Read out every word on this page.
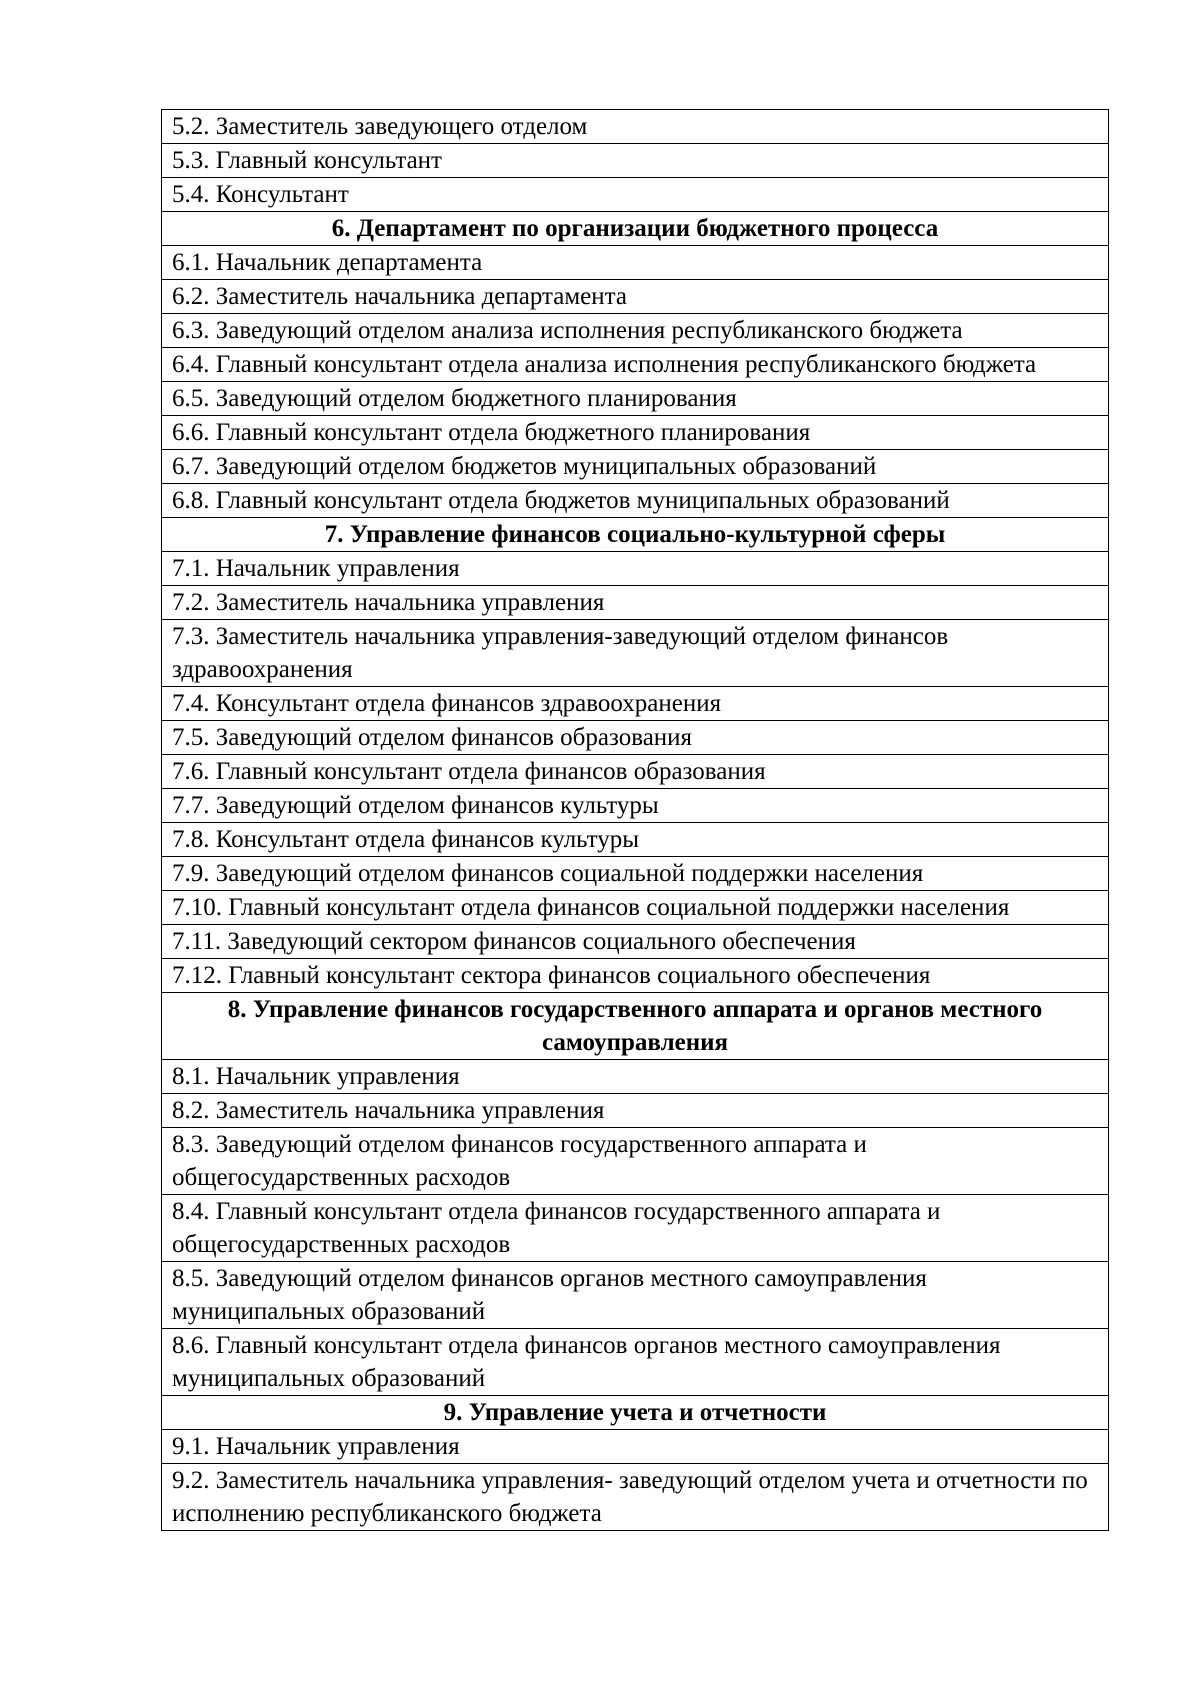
5.2. Заместитель заведующего отделом
5.3. Главный консультант
5.4. Консультант
6. Департамент по организации бюджетного процесса
6.1. Начальник департамента
6.2. Заместитель начальника департамента
6.3. Заведующий отделом анализа исполнения республиканского бюджета
6.4. Главный консультант отдела анализа исполнения республиканского бюджета
6.5. Заведующий отделом бюджетного планирования
6.6. Главный консультант отдела бюджетного планирования
6.7. Заведующий отделом бюджетов муниципальных образований
6.8. Главный консультант отдела бюджетов муниципальных образований
7. Управление финансов социально-культурной сферы
7.1. Начальник управления
7.2. Заместитель начальника управления
7.3. Заместитель начальника управления-заведующий отделом финансов здравоохранения
7.4. Консультант отдела финансов здравоохранения
7.5. Заведующий отделом финансов образования
7.6. Главный консультант отдела финансов образования
7.7. Заведующий отделом финансов культуры
7.8. Консультант отдела финансов культуры
7.9. Заведующий отделом финансов социальной поддержки населения
7.10. Главный консультант отдела финансов социальной поддержки населения
7.11. Заведующий сектором финансов социального обеспечения
7.12. Главный консультант сектора финансов социального обеспечения
8. Управление финансов государственного аппарата и органов местного самоуправления
8.1. Начальник управления
8.2. Заместитель начальника управления
8.3. Заведующий отделом финансов государственного аппарата и общегосударственных расходов
8.4. Главный консультант отдела финансов государственного аппарата и общегосударственных расходов
8.5. Заведующий отделом финансов органов местного самоуправления муниципальных образований
8.6. Главный консультант отдела финансов органов местного самоуправления муниципальных образований
9. Управление учета и отчетности
9.1. Начальник управления
9.2. Заместитель начальника управления- заведующий отделом учета и отчетности по исполнению республиканского бюджета
